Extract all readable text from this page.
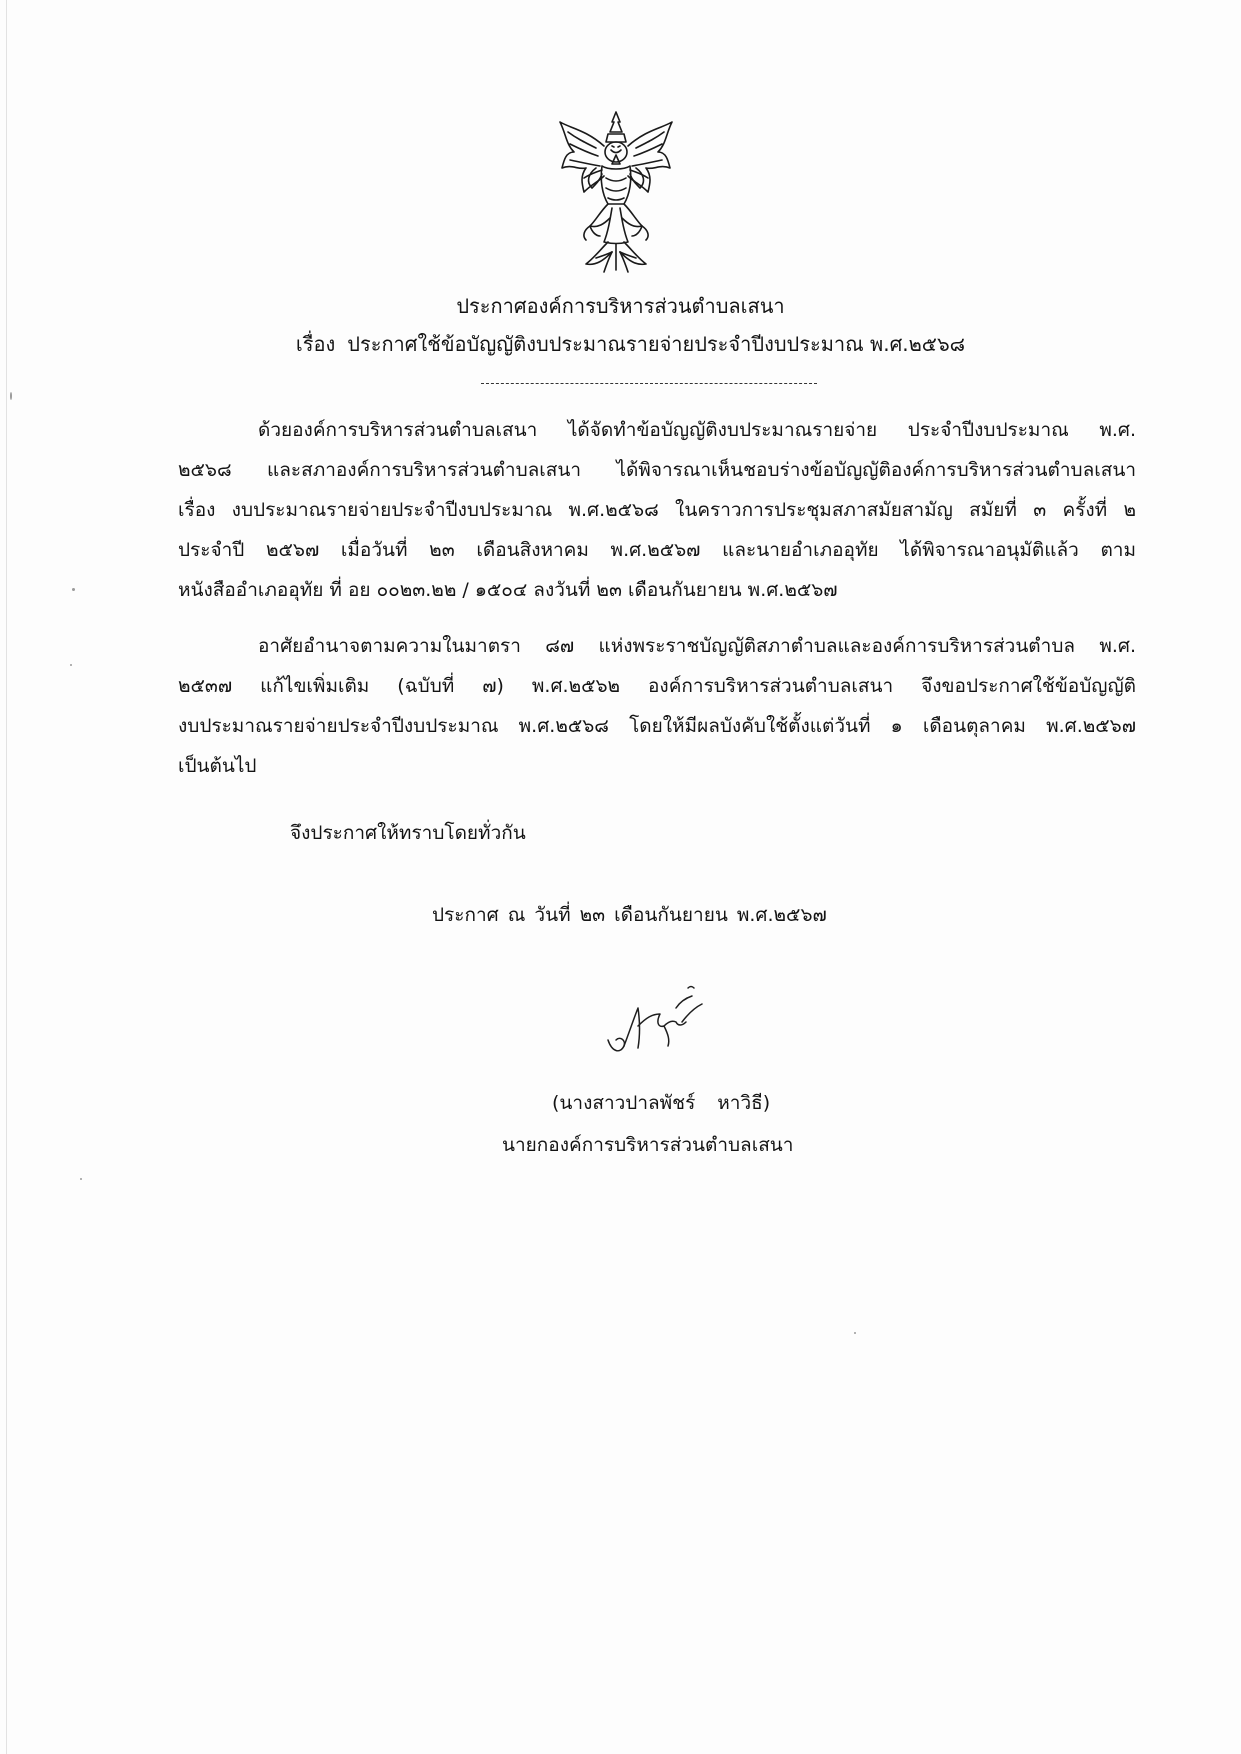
ประกาศองค์การบริหารส่วนตำบลเสนา
เรื่อง ประกาศใช้ข้อบัญญัติงบประมาณรายจ่ายประจำปีงบประมาณ พ.ศ.๒๕๖๘
ด้วยองค์การบริหารส่วนตำบลเสนา ได้จัดทำข้อบัญญัติงบประมาณรายจ่าย ประจำปีงบประมาณ พ.ศ.
๒๕๖๘ และสภาองค์การบริหารส่วนตำบลเสนา ได้พิจารณาเห็นชอบร่างข้อบัญญัติองค์การบริหารส่วนตำบลเสนา
เรื่อง งบประมาณรายจ่ายประจำปีงบประมาณ พ.ศ.๒๕๖๘ ในคราวการประชุมสภาสมัยสามัญ สมัยที่ ๓ ครั้งที่ ๒
ประจำปี ๒๕๖๗ เมื่อวันที่ ๒๓ เดือนสิงหาคม พ.ศ.๒๕๖๗ และนายอำเภออุทัย ได้พิจารณาอนุมัติแล้ว ตาม
หนังสืออำเภออุทัย ที่ อย ๐๐๒๓.๒๒ / ๑๕๐๔ ลงวันที่ ๒๓ เดือนกันยายน พ.ศ.๒๕๖๗
อาศัยอำนาจตามความในมาตรา ๘๗ แห่งพระราชบัญญัติสภาตำบลและองค์การบริหารส่วนตำบล พ.ศ.
๒๕๓๗ แก้ไขเพิ่มเติม (ฉบับที่ ๗) พ.ศ.๒๕๖๒ องค์การบริหารส่วนตำบลเสนา จึงขอประกาศใช้ข้อบัญญัติ
งบประมาณรายจ่ายประจำปีงบประมาณ พ.ศ.๒๕๖๘ โดยให้มีผลบังคับใช้ตั้งแต่วันที่ ๑ เดือนตุลาคม พ.ศ.๒๕๖๗
เป็นต้นไป
จึงประกาศให้ทราบโดยทั่วกัน
ประกาศ ณ วันที่ ๒๓ เดือนกันยายน พ.ศ.๒๕๖๗
(นางสาวปาลพัชร์ หาวิธี)
นายกองค์การบริหารส่วนตำบลเสนา
